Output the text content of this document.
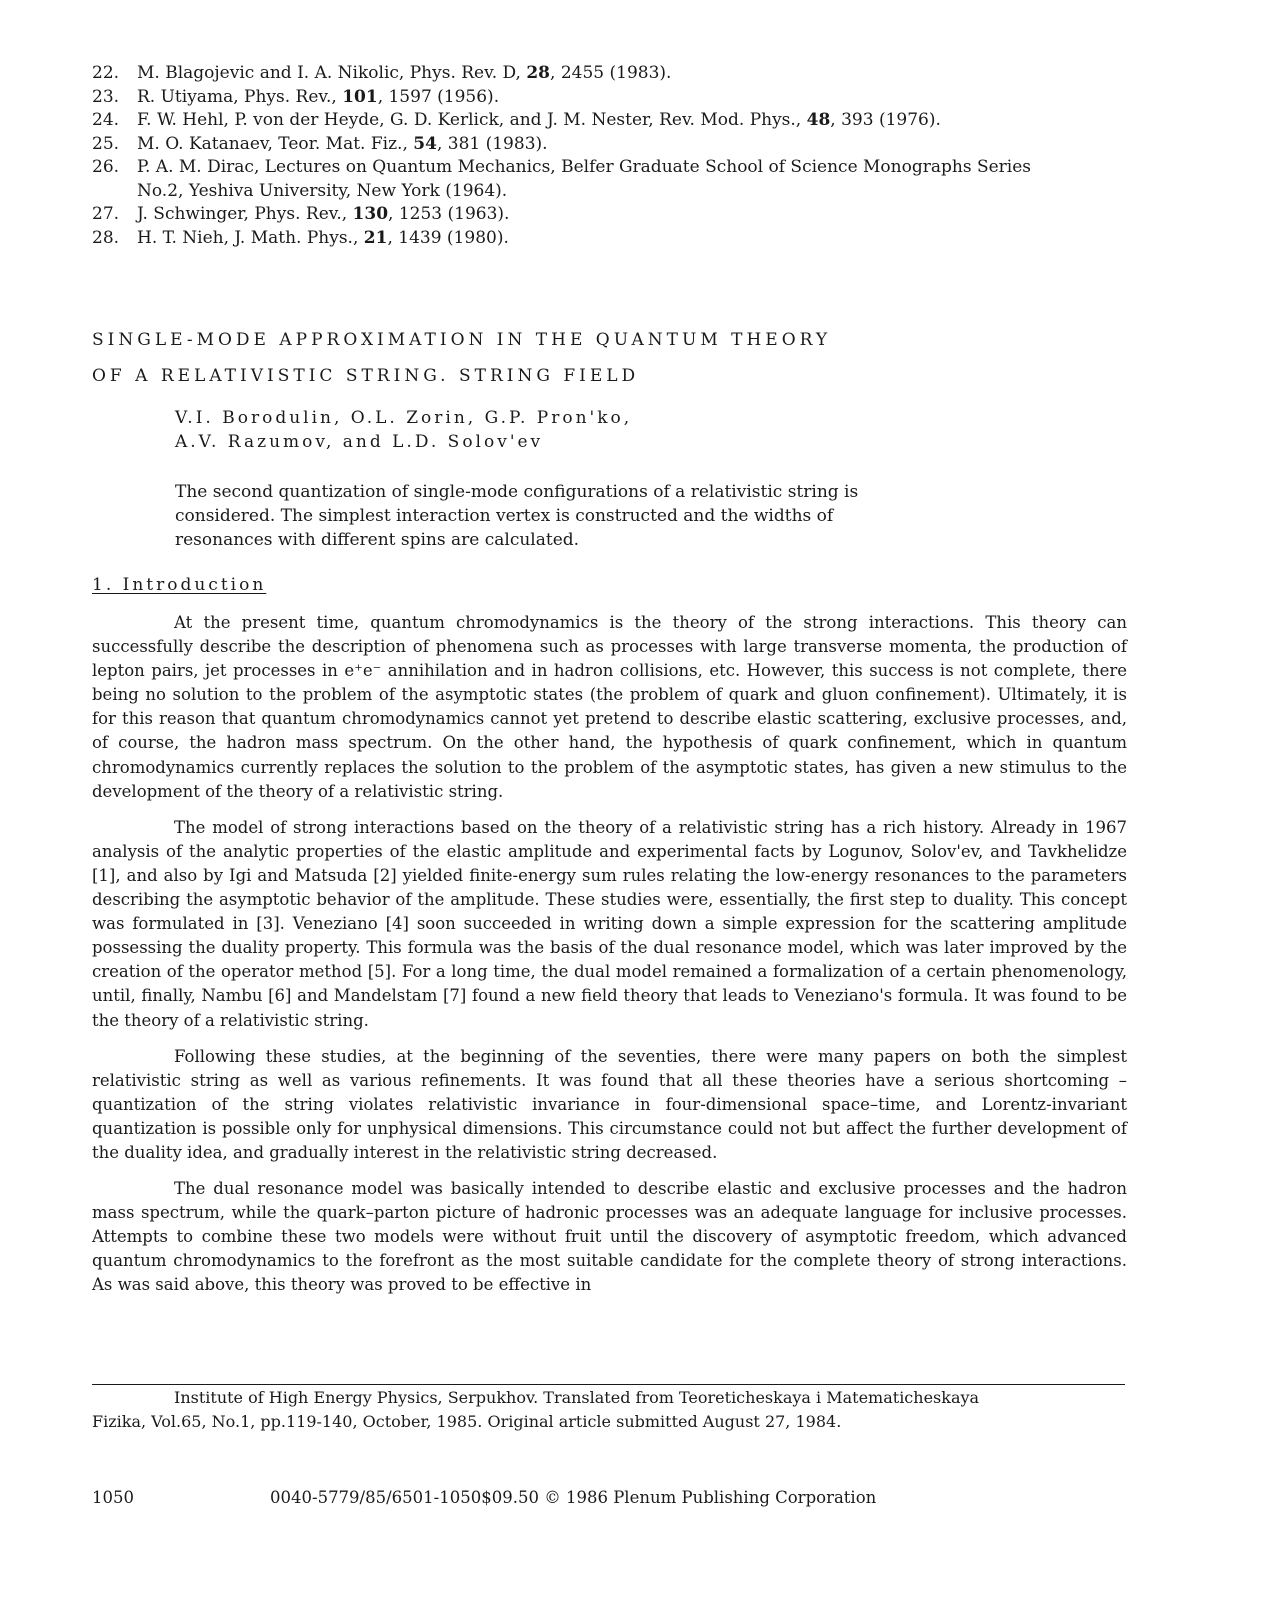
22.	M. Blagojevic and I. A. Nikolic, Phys. Rev. D, 28, 2455 (1983).
23.	R. Utiyama, Phys. Rev., 101, 1597 (1956).
24.	F. W. Hehl, P. von der Heyde, G. D. Kerlick, and J. M. Nester, Rev. Mod. Phys., 48, 393 (1976).
25.	M. O. Katanaev, Teor. Mat. Fiz., 54, 381 (1983).
26.	P. A. M. Dirac, Lectures on Quantum Mechanics, Belfer Graduate School of Science Monographs Series No.2, Yeshiva University, New York (1964).
27.	J. Schwinger, Phys. Rev., 130, 1253 (1963).
28.	H. T. Nieh, J. Math. Phys., 21, 1439 (1980).
SINGLE-MODE APPROXIMATION IN THE QUANTUM THEORY
OF A RELATIVISTIC STRING. STRING FIELD
V.I. Borodulin, O.L. Zorin, G.P. Pron'ko,
A.V. Razumov, and L.D. Solov'ev
The second quantization of single-mode configurations of a relativistic string is considered. The simplest interaction vertex is constructed and the widths of resonances with different spins are calculated.
1. Introduction

At the present time, quantum chromodynamics is the theory of the strong interactions. This theory can successfully describe the description of phenomena such as processes with large transverse momenta, the production of lepton pairs, jet processes in e⁺e⁻ annihilation and in hadron collisions, etc. However, this success is not complete, there being no solution to the problem of the asymptotic states (the problem of quark and gluon confinement). Ultimately, it is for this reason that quantum chromodynamics cannot yet pretend to describe elastic scattering, exclusive processes, and, of course, the hadron mass spectrum. On the other hand, the hypothesis of quark confinement, which in quantum chromodynamics currently replaces the solution to the problem of the asymptotic states, has given a new stimulus to the development of the theory of a relativistic string.

The model of strong interactions based on the theory of a relativistic string has a rich history. Already in 1967 analysis of the analytic properties of the elastic amplitude and experimental facts by Logunov, Solov'ev, and Tavkhelidze [1], and also by Igi and Matsuda [2] yielded finite-energy sum rules relating the low-energy resonances to the parameters describing the asymptotic behavior of the amplitude. These studies were, essentially, the first step to duality. This concept was formulated in [3]. Veneziano [4] soon succeeded in writing down a simple expression for the scattering amplitude possessing the duality property. This formula was the basis of the dual resonance model, which was later improved by the creation of the operator method [5]. For a long time, the dual model remained a formalization of a certain phenomenology, until, finally, Nambu [6] and Mandelstam [7] found a new field theory that leads to Veneziano's formula. It was found to be the theory of a relativistic string.

Following these studies, at the beginning of the seventies, there were many papers on both the simplest relativistic string as well as various refinements. It was found that all these theories have a serious shortcoming – quantization of the string violates relativistic invariance in four-dimensional space–time, and Lorentz-invariant quantization is possible only for unphysical dimensions. This circumstance could not but affect the further development of the duality idea, and gradually interest in the relativistic string decreased.

The dual resonance model was basically intended to describe elastic and exclusive processes and the hadron mass spectrum, while the quark–parton picture of hadronic processes was an adequate language for inclusive processes. Attempts to combine these two models were without fruit until the discovery of asymptotic freedom, which advanced quantum chromodynamics to the forefront as the most suitable candidate for the complete theory of strong interactions. As was said above, this theory was proved to be effective in

Institute of High Energy Physics, Serpukhov. Translated from Teoreticheskaya i Matematicheskaya
Fizika, Vol.65, No.1, pp.119-140, October, 1985. Original article submitted August 27, 1984.
1050	0040-5779/85/6501-1050$09.50 © 1986 Plenum Publishing Corporation
